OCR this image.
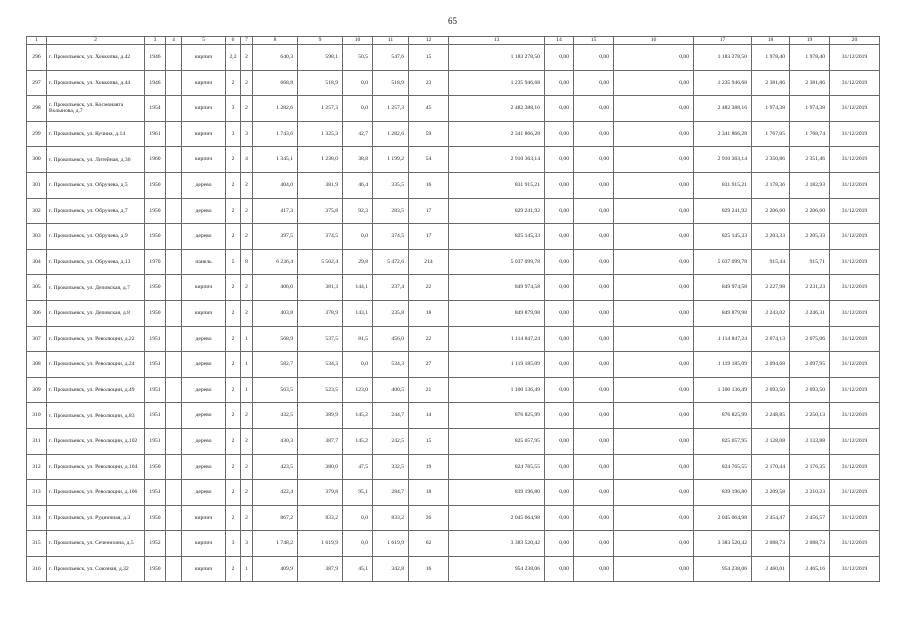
65
1	2	3	4	5	6	7	8	9	10	11	12	13	14	15	16	17	18	19	20
296	г. Прокопьевск, ул. Хоккопва, д.42	1946		кирпич	2,2	2	640,3	598,1	50,5	547,6	15	1 183 278,50	0,00	0,00	0,00	1 183 278,50	1 978,40	1 978,40	31/12/2019
297	г. Прокопьевск, ул. Хоккопва, д.44	1946		кирпич	2	2	668,8	518,9	0,0	518,9	23	1 235 946,68	0,00	0,00	0,00	1 235 946,68	2 381,86	2 381,86	31/12/2019
298	г. Прокопьевск, ул. Космонавта Волынова, д.7	1954		кирпич	3	2	1 282,6	1 257,3	0,0	1 257,3	45	2 482 388,16	0,00	0,00	0,00	2 482 388,16	1 974,38	1 974,38	31/12/2019
299	г. Прокопьевск, ул. Кучина, д.14	1961		кирпич	3	3	1 743,6	1 325,3	42,7	1 282,6	59	2 341 866,28	0,00	0,00	0,00	2 341 866,28	1 767,05	1 768,74	31/12/2019
300	г. Прокопьевск, ул. Литейная, д.30	1960		кирпич	2	4	1 345,1	1 238,0	38,8	1 199,2	54	2 910 363,14	0,00	0,00	0,00	2 910 363,14	2 350,86	2 351,46	31/12/2019
301	г. Прокопьевск, ул. Обручева, д.5	1950		дерево	2	2	404,0	381,9	46,4	335,5	16	831 915,21	0,00	0,00	0,00	831 915,21	2 178,36	2 182,93	31/12/2019
302	г. Прокопьевск, ул. Обручева, д.7	1950		дерево	2	2	417,3	375,8	92,3	283,5	17	829 241,92	0,00	0,00	0,00	829 241,92	2 206,60	2 206,60	31/12/2019
303	г. Прокопьевск, ул. Обручева, д.9	1950		дерево	2	2	397,5	374,5	0,0	374,5	17	825 145,33	0,00	0,00	0,00	825 145,33	2 203,33	2 205,33	31/12/2019
304	г. Прокопьевск, ул. Обручева, д.13	1970		панель	5	8	6 236,4	5 502,4	29,8	5 472,6	214	5 037 099,78	0,00	0,00	0,00	5 037 099,78	915,44	915,71	31/12/2019
305	г. Прокопьевск, ул. Деповская, д.7	1950		кирпич	2	2	406,0	381,3	144,1	237,4	22	849 974,58	0,00	0,00	0,00	849 974,58	2 227,98	2 231,23	31/12/2019
306	г. Прокопьевск, ул. Деповская, д.8	1950		кирпич	2	2	403,8	378,9	143,1	235,8	18	849 879,98	0,00	0,00	0,00	849 879,98	2 243,02	2 246,31	31/12/2019
307	г. Прокопьевск, ул. Революции, д.22	1951		дерево	2	1	568,9	537,5	81,5	456,0	22	1 114 847,24	0,00	0,00	0,00	1 114 847,24	2 074,13	2 075,06	31/12/2019
308	г. Прокопьевск, ул. Революции, д.24	1951		дерево	2	1	582,7	534,3	0,0	534,3	27	1 119 185,09	0,00	0,00	0,00	1 119 185,09	2 094,68	2 097,95	31/12/2019
309	г. Прокопьевск, ул. Революции, д.49	1951		дерево	2	1	563,5	523,5	123,0	400,5	21	1 100 136,49	0,00	0,00	0,00	1 100 136,49	2 093,50	2 093,50	31/12/2019
310	г. Прокопьевск, ул. Революции, д.83	1951		дерево	2	2	432,5	389,9	145,2	244,7	14	876 825,99	0,00	0,00	0,00	876 825,99	2 248,85	2 250,13	31/12/2019
311	г. Прокопьевск, ул. Революции, д.102	1951		дерево	2	2	430,3	387,7	145,2	242,5	15	825 057,95	0,00	0,00	0,00	825 057,95	2 128,08	2 133,88	31/12/2019
312	г. Прокопьевск, ул. Революции, д.104	1950		дерево	2	2	423,5	380,0	47,5	332,5	19	824 765,55	0,00	0,00	0,00	824 765,55	2 170,44	2 176,35	31/12/2019
313	г. Прокопьевск, ул. Революции, д.106	1951		дерево	2	2	422,4	379,8	95,1	284,7	18	839 196,80	0,00	0,00	0,00	839 196,80	2 209,58	2 210,23	31/12/2019
314	г. Прокопьевск, ул. Рудничная, д.3	1950		кирпич	2	2	867,2	833,2	0,0	833,2	26	2 045 064,98	0,00	0,00	0,00	2 045 064,98	2 454,47	2 456,57	31/12/2019
315	г. Прокопьевск, ул. Сеченихина, д.5	1952		кирпич	3	3	1 748,2	1 619,9	0,0	1 619,9	62	3 383 520,42	0,00	0,00	0,00	3 383 520,42	2 088,73	2 088,73	31/12/2019
316	г. Прокопьевск, ул. Союзная, д.32	1950		кирпич	2	1	409,9	387,9	45,1	342,8	16	954 238,06	0,00	0,00	0,00	954 238,06	2 460,01	2 465,16	31/12/2019
